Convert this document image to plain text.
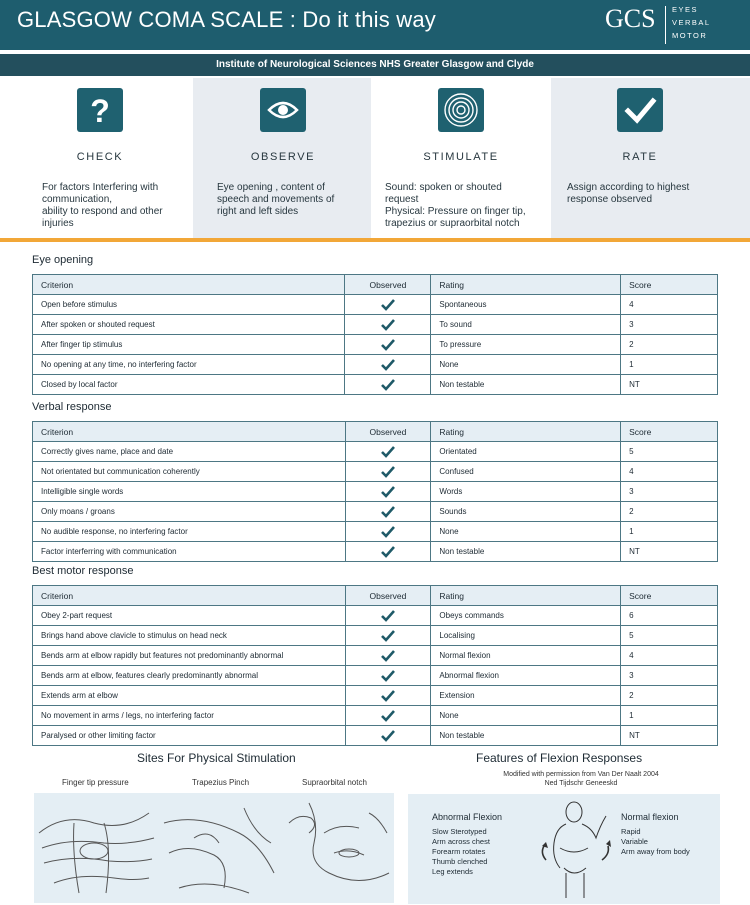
GLASGOW COMA SCALE : Do it this way	GCS EYES
VERBAL
MOTOR
Institute of Neurological Sciences NHS Greater Glasgow and Clyde
?
CHECK
For factors Interfering with
communication,
ability to respond and other
injuries
OBSERVE
Eye opening , content of
speech and movements of
right and left sides
STIMULATE
Sound: spoken or shouted
request
Physical: Pressure on finger tip,
trapezius or supraorbital notch
RATE
Assign according to highest
response observed
Eye opening
Criterion	Observed	Rating	Score
Open before stimulus		Spontaneous	4
After spoken or shouted request		To sound	3
After finger tip stimulus		To pressure	2
No opening at any time, no interfering factor		None	1
Closed by local factor		Non testable	NT
Verbal response
Criterion	Observed	Rating	Score
Correctly gives name, place and date		Orientated	5
Not orientated but communication coherently		Confused	4
Intelligible single words		Words	3
Only moans / groans		Sounds	2
No audible response, no interfering factor		None	1
Factor interferring with communication		Non testable	NT
Best motor response
Criterion	Observed	Rating	Score
Obey 2-part request		Obeys commands	6
Brings hand above clavicle to stimulus on head neck		Localising	5
Bends arm at elbow rapidly but features not predominantly abnormal		Normal flexion	4
Bends arm at elbow, features clearly predominantly abnormal		Abnormal flexion	3
Extends arm at elbow		Extension	2
No movement in arms / legs, no interfering factor		None	1
Paralysed or other limiting factor		Non testable	NT
Sites For Physical Stimulation
Finger tip pressure	Trapezius Pinch	Supraorbital notch
Features of Flexion Responses
Modified with permission from Van Der Naalt 2004
Ned Tijdschr Geneeskd
Abnormal Flexion
Slow Sterotyped
Arm across chest
Forearm rotates
Thumb clenched
Leg extends
Normal flexion
Rapid
Variable
Arm away from body
